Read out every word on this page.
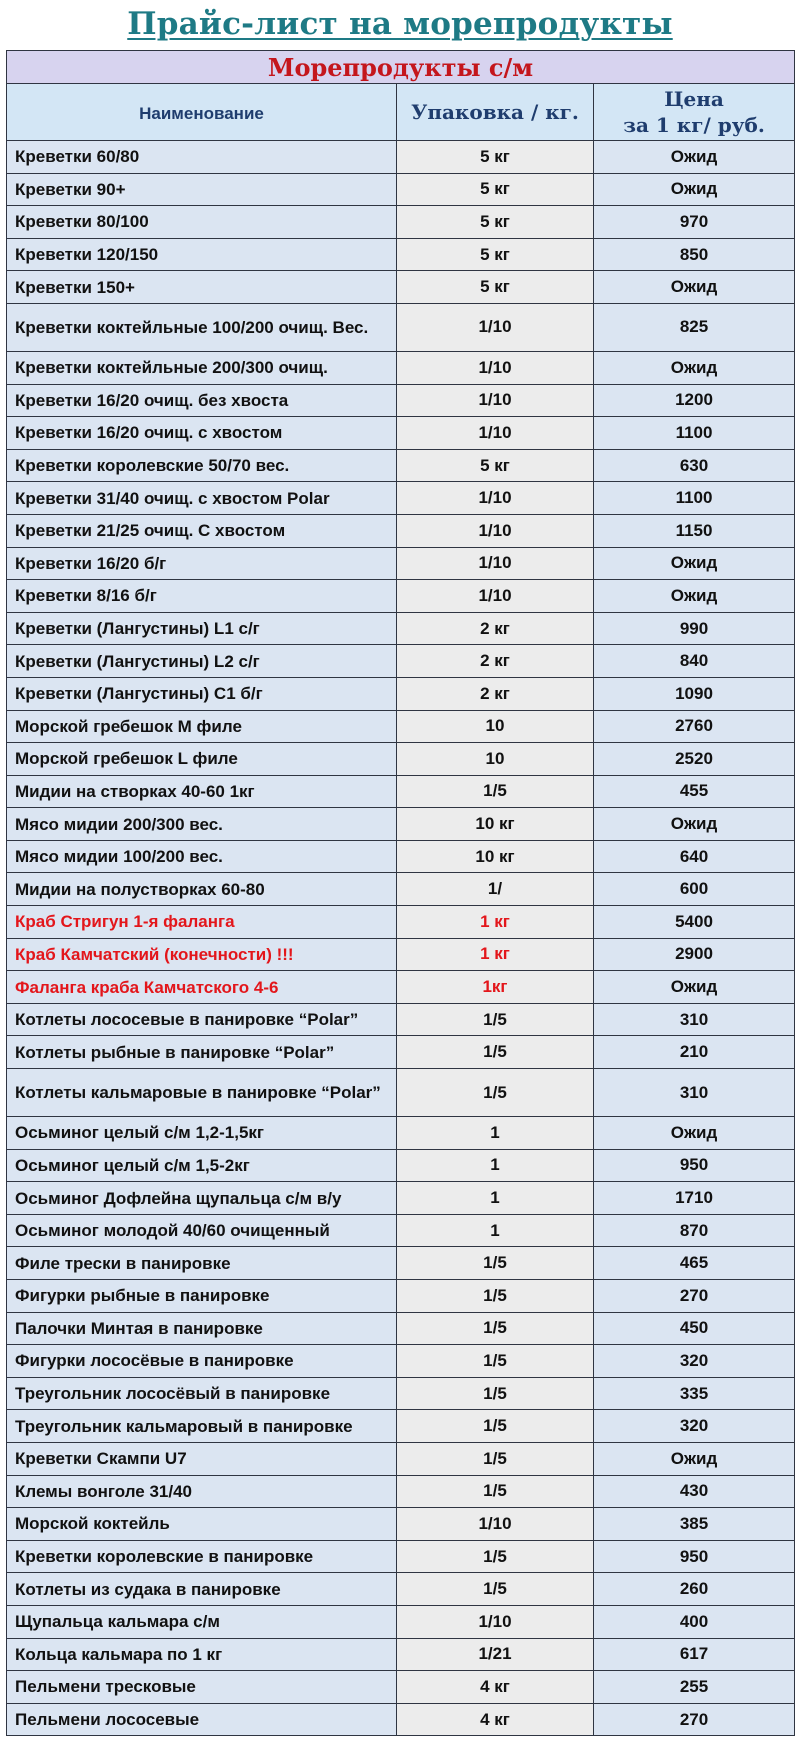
Прайс-лист на морепродукты
Морепродукты с/м		
Наименование	Упаковка / кг.	Цена
за 1 кг/ руб.

Креветки 60/80	5 кг	Ожид
Креветки 90+	5 кг	Ожид
Креветки 80/100	5 кг	970
Креветки 120/150	5 кг	850
Креветки 150+	5 кг	Ожид
Креветки коктейльные 100/200 очищ. Вес.	1/10	825
Креветки коктейльные 200/300 очищ.	1/10	Ожид
Креветки 16/20 очищ. без хвоста	1/10	1200
Креветки 16/20 очищ. с хвостом	1/10	1100
Креветки королевские 50/70 вес.	5 кг	630
Креветки 31/40 очищ. с хвостом Polar	1/10	1100
Креветки 21/25 очищ. С хвостом	1/10	1150
Креветки 16/20 б/г	1/10	Ожид
Креветки 8/16 б/г	1/10	Ожид
Креветки (Лангустины) L1 с/г	2 кг	990
Креветки (Лангустины) L2 с/г	2 кг	840
Креветки (Лангустины) C1 б/г	2 кг	1090
Морской гребешок М филе	10	2760
Морской гребешок L филе	10	2520
Мидии на створках 40-60 1кг	1/5	455
Мясо мидии 200/300 вес.	10 кг	Ожид
Мясо мидии 100/200 вес.	10 кг	640
Мидии на полустворках 60-80	1/	600
Краб Стригун 1-я фаланга	1 кг	5400
Краб Камчатский (конечности) !!!	1 кг	2900
Фаланга краба Камчатского 4-6	1кг	Ожид
Котлеты лососевые в панировке “Polar”	1/5	310
Котлеты рыбные в панировке “Polar”	1/5	210
Котлеты кальмаровые в панировке “Polar”	1/5	310
Осьминог целый с/м 1,2-1,5кг	1	Ожид
Осьминог целый с/м 1,5-2кг	1	950
Осьминог Дофлейна щупальца с/м в/у	1	1710
Осьминог молодой 40/60 очищенный	1	870
Филе трески в панировке	1/5	465
Фигурки рыбные в панировке	1/5	270
Палочки Минтая в панировке	1/5	450
Фигурки лососёвые в панировке	1/5	320
Треугольник лососёвый в панировке	1/5	335
Треугольник кальмаровый в панировке	1/5	320
Креветки Скампи U7	1/5	Ожид
Клемы вонголе 31/40	1/5	430
Морской коктейль	1/10	385
Креветки королевские в панировке	1/5	950
Котлеты из судака в панировке	1/5	260
Щупальца кальмара с/м	1/10	400
Кольца кальмара по 1 кг	1/21	617
Пельмени тресковые	4 кг	255
Пельмени лососевые	4 кг	270
